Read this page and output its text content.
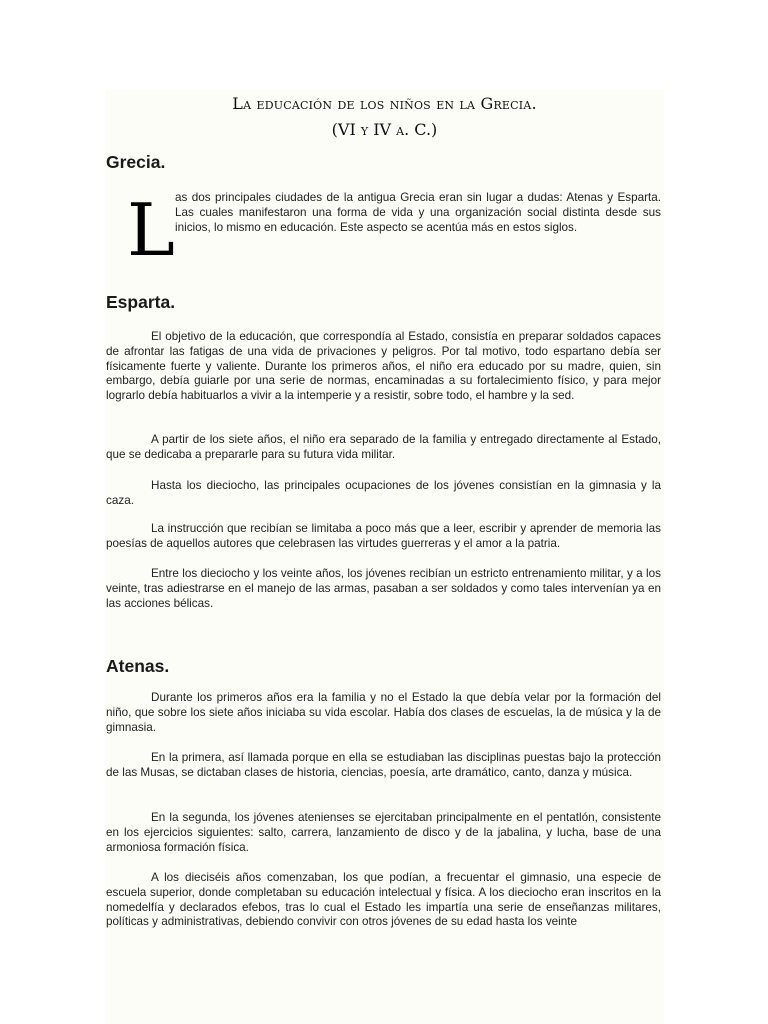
La educación de los niños en la Grecia.
(VI y IV a. C.)
Grecia.
L as dos principales ciudades de la antigua Grecia eran sin lugar a dudas: Atenas y Esparta. Las cuales manifestaron una forma de vida y una organización social distinta desde sus inicios, lo mismo en educación. Este aspecto se acentúa más en estos siglos.

Esparta.

El objetivo de la educación, que correspondía al Estado, consistía en preparar soldados capaces de afrontar las fatigas de una vida de privaciones y peligros. Por tal motivo, todo espartano debía ser físicamente fuerte y valiente. Durante los primeros años, el niño era educado por su madre, quien, sin embargo, debía guiarle por una serie de normas, encaminadas a su fortalecimiento físico, y para mejor lograrlo debía habituarlos a vivir a la intemperie y a resistir, sobre todo, el hambre y la sed.

A partir de los siete años, el niño era separado de la familia y entregado directamente al Estado, que se dedicaba a prepararle para su futura vida militar.

Hasta los dieciocho, las principales ocupaciones de los jóvenes consistían en la gimnasia y la caza.

La instrucción que recibían se limitaba a poco más que a leer, escribir y aprender de memoria las poesías de aquellos autores que celebrasen las virtudes guerreras y el amor a la patria.

Entre los dieciocho y los veinte años, los jóvenes recibían un estricto entrenamiento militar, y a los veinte, tras adiestrarse en el manejo de las armas, pasaban a ser soldados y como tales intervenían ya en las acciones bélicas.

Atenas.

Durante los primeros años era la familia y no el Estado la que debía velar por la formación del niño, que sobre los siete años iniciaba su vida escolar. Había dos clases de escuelas, la de música y la de gimnasia.

En la primera, así llamada porque en ella se estudiaban las disciplinas puestas bajo la protección de las Musas, se dictaban clases de historia, ciencias, poesía, arte dramático, canto, danza y música.

En la segunda, los jóvenes atenienses se ejercitaban principalmente en el pentatlón, consistente en los ejercicios siguientes: salto, carrera, lanzamiento de disco y de la jabalina, y lucha, base de una armoniosa formación física.

A los dieciséis años comenzaban, los que podían, a frecuentar el gimnasio, una especie de escuela superior, donde completaban su educación intelectual y física. A los dieciocho eran inscritos en la nomedelfía y declarados efebos, tras lo cual el Estado les impartía una serie de enseñanzas militares, políticas y administrativas, debiendo convivir con otros jóvenes de su edad hasta los veinte
